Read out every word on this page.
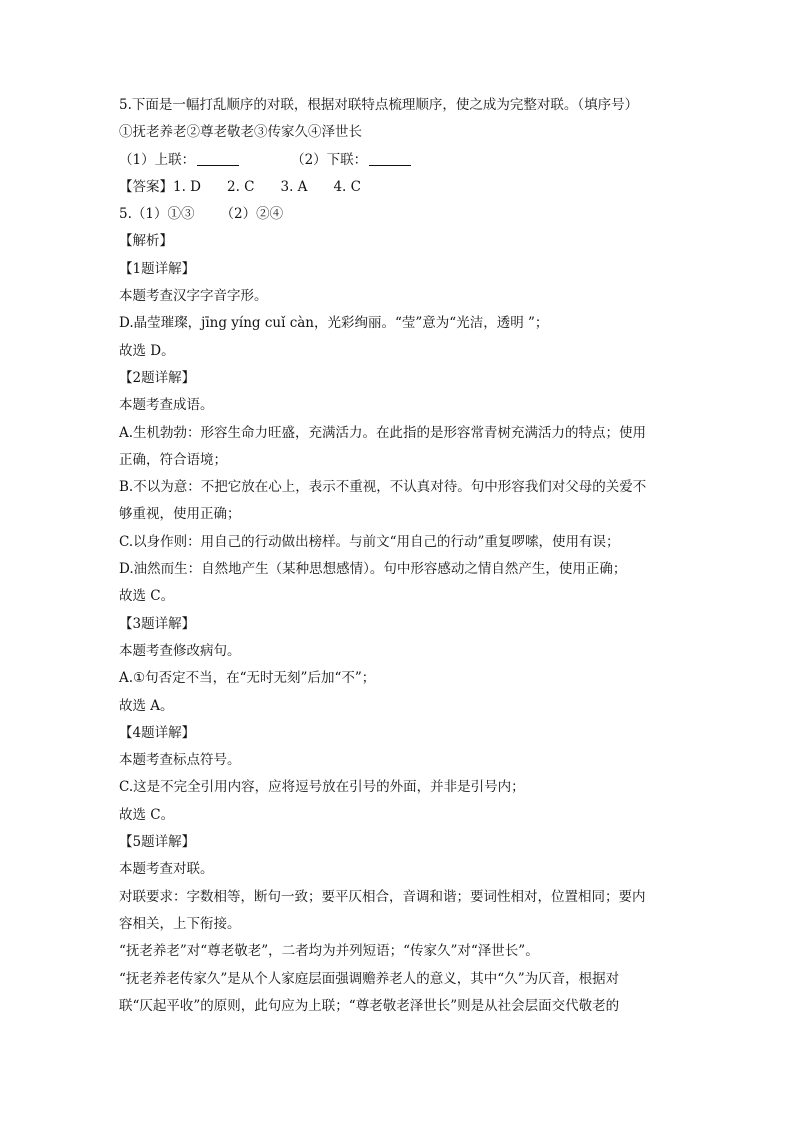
5.下面是一幅打乱顺序的对联，根据对联特点梳理顺序，使之成为完整对联。（填序号）
①抚老养老②尊老敬老③传家久④泽世长
（1）上联：	（2）下联：
【答案】1. D 2. C 3. A 4. C
5.（1）①③ （2）②④
【解析】
【1题详解】
本题考查汉字字音字形。
D.晶莹璀璨，jīng yíng cuǐ càn，光彩绚丽。“莹”意为“光洁，透明 ”；
故选 D。
【2题详解】
本题考查成语。
A.生机勃勃：形容生命力旺盛，充满活力。在此指的是形容常青树充满活力的特点；使用
正确，符合语境；
B.不以为意：不把它放在心上，表示不重视，不认真对待。句中形容我们对父母的关爱不
够重视，使用正确；
C.以身作则：用自己的行动做出榜样。与前文“用自己的行动”重复啰嗦，使用有误；
D.油然而生：自然地产生（某种思想感情）。句中形容感动之情自然产生，使用正确；
故选 C。
【3题详解】
本题考查修改病句。
A.①句否定不当，在“无时无刻”后加“不”；
故选 A。
【4题详解】
本题考查标点符号。
C.这是不完全引用内容，应将逗号放在引号的外面，并非是引号内；
故选 C。
【5题详解】
本题考查对联。
对联要求：字数相等，断句一致；要平仄相合，音调和谐；要词性相对，位置相同；要内
容相关，上下衔接。
“抚老养老”对“尊老敬老”，二者均为并列短语；“传家久”对“泽世长”。
“抚老养老传家久”是从个人家庭层面强调赡养老人的意义，其中“久”为仄音，根据对
联“仄起平收”的原则，此句应为上联；“尊老敬老泽世长”则是从社会层面交代敬老的
